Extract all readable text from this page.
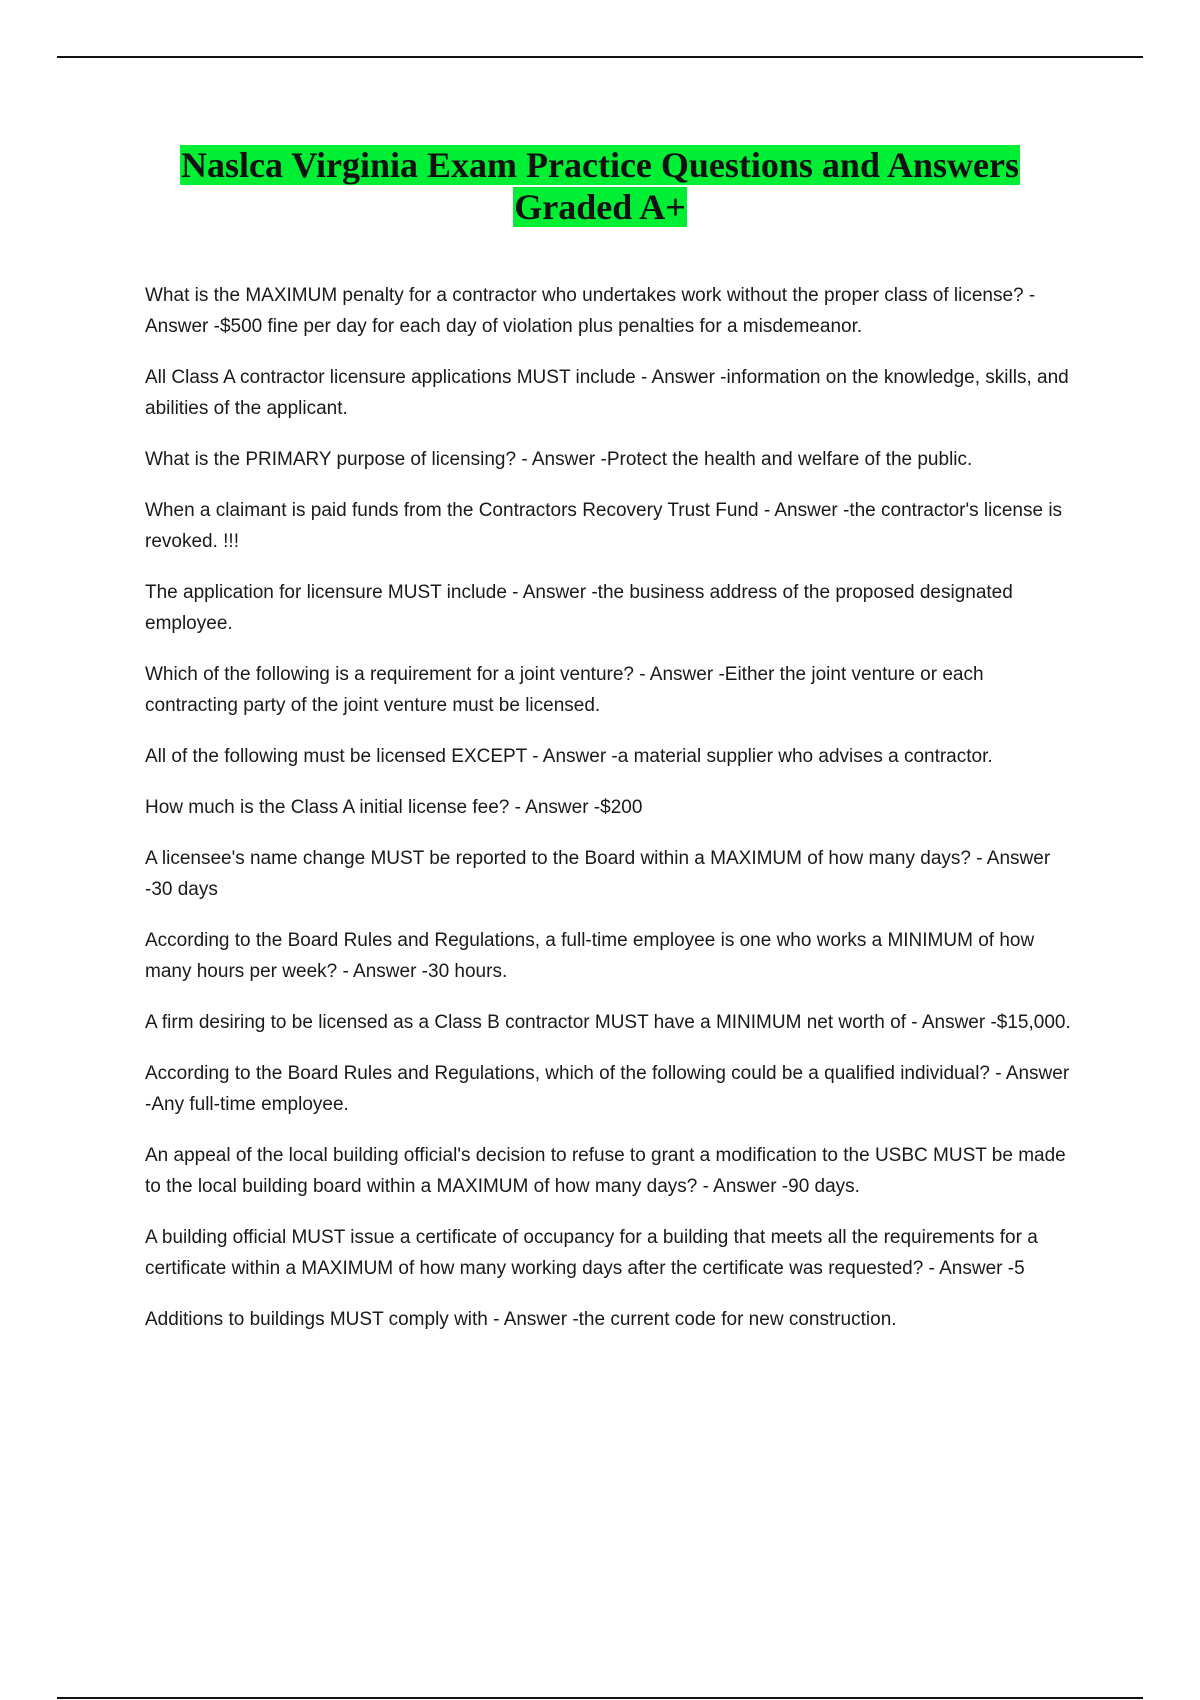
Naslca Virginia Exam Practice Questions and Answers
Graded A+

What is the MAXIMUM penalty for a contractor who undertakes work without the proper class of license? - Answer -$500 fine per day for each day of violation plus penalties for a misdemeanor.

All Class A contractor licensure applications MUST include - Answer -information on the knowledge, skills, and abilities of the applicant.

What is the PRIMARY purpose of licensing? - Answer -Protect the health and welfare of the public.

When a claimant is paid funds from the Contractors Recovery Trust Fund - Answer -the contractor's license is revoked. !!!

The application for licensure MUST include - Answer -the business address of the proposed designated employee.

Which of the following is a requirement for a joint venture? - Answer -Either the joint venture or each contracting party of the joint venture must be licensed.

All of the following must be licensed EXCEPT - Answer -a material supplier who advises a contractor.

How much is the Class A initial license fee? - Answer -$200

A licensee's name change MUST be reported to the Board within a MAXIMUM of how many days? - Answer -30 days

According to the Board Rules and Regulations, a full-time employee is one who works a MINIMUM of how many hours per week? - Answer -30 hours.

A firm desiring to be licensed as a Class B contractor MUST have a MINIMUM net worth of - Answer -$15,000.

According to the Board Rules and Regulations, which of the following could be a qualified individual? - Answer -Any full-time employee.

An appeal of the local building official's decision to refuse to grant a modification to the USBC MUST be made to the local building board within a MAXIMUM of how many days? - Answer -90 days.

A building official MUST issue a certificate of occupancy for a building that meets all the requirements for a certificate within a MAXIMUM of how many working days after the certificate was requested? - Answer -5

Additions to buildings MUST comply with - Answer -the current code for new construction.
